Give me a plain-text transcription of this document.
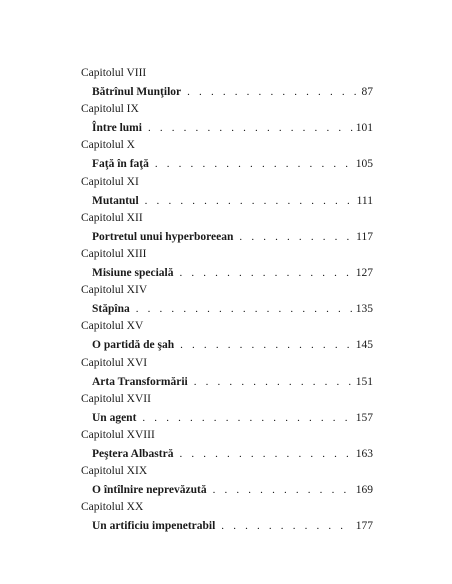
Capitolul VIII
Bătrînul Munţilor . . .	87
Capitolul IX
Între lumi . . .	101
Capitolul X
Faţă în faţă . . .	105
Capitolul XI
Mutantul . . .	111
Capitolul XII
Portretul unui hyperboreean . . .	117
Capitolul XIII
Misiune specială . . .	127
Capitolul XIV
Stăpîna . . .	135
Capitolul XV
O partidă de şah . . .	145
Capitolul XVI
Arta Transformării . . .	151
Capitolul XVII
Un agent . . .	157
Capitolul XVIII
Peştera Albastră . . .	163
Capitolul XIX
O întîlnire neprevăzută . . .	169
Capitolul XX
Un artificiu impenetrabil . . .	177
